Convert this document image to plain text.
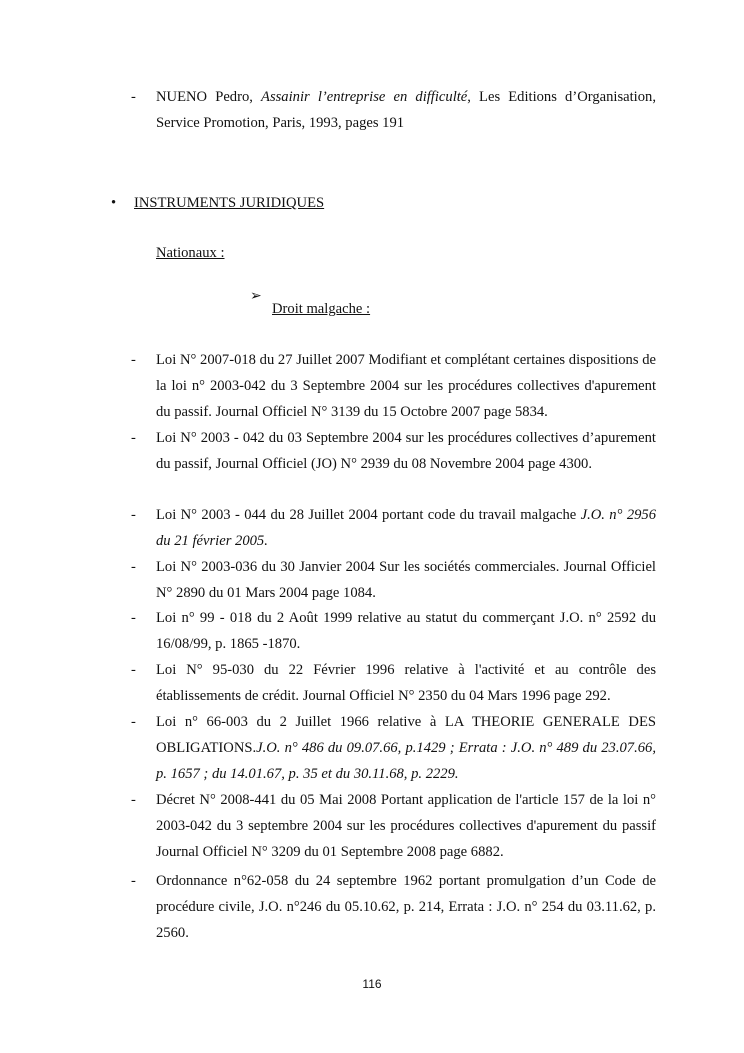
- NUENO Pedro, Assainir l’entreprise en difficulté, Les Editions d’Organisation, Service Promotion, Paris, 1993, pages 191
• INSTRUMENTS JURIDIQUES
Nationaux :
➢
Droit malgache :
- Loi N° 2007-018 du 27 Juillet 2007 Modifiant et complétant certaines dispositions de la loi n° 2003-042 du 3 Septembre 2004 sur les procédures collectives d'apurement du passif. Journal Officiel N° 3139 du 15 Octobre 2007 page 5834.
- Loi N° 2003 - 042 du 03 Septembre 2004 sur les procédures collectives d’apurement du passif, Journal Officiel (JO) N° 2939 du 08 Novembre 2004 page 4300.
- Loi N° 2003 - 044 du 28 Juillet 2004 portant code du travail malgache J.O. n° 2956 du 21 février 2005.
- Loi N° 2003-036 du 30 Janvier 2004 Sur les sociétés commerciales. Journal Officiel N° 2890 du 01 Mars 2004 page 1084.
- Loi n° 99 - 018 du 2 Août 1999 relative au statut du commerçant J.O. n° 2592 du 16/08/99, p. 1865 -1870.
- Loi N° 95-030 du 22 Février 1996 relative à l'activité et au contrôle des établissements de crédit. Journal Officiel N° 2350 du 04 Mars 1996 page 292.
- Loi n° 66-003 du 2 Juillet 1966 relative à LA THEORIE GENERALE DES OBLIGATIONS.J.O. n° 486 du 09.07.66, p.1429 ; Errata : J.O. n° 489 du 23.07.66, p. 1657 ; du 14.01.67, p. 35 et du 30.11.68, p. 2229.
- Décret N° 2008-441 du 05 Mai 2008 Portant application de l'article 157 de la loi n° 2003-042 du 3 septembre 2004 sur les procédures collectives d'apurement du passif Journal Officiel N° 3209 du 01 Septembre 2008 page 6882.
- Ordonnance n°62-058 du 24 septembre 1962 portant promulgation d’un Code de procédure civile, J.O. n°246 du 05.10.62, p. 214, Errata : J.O. n° 254 du 03.11.62, p. 2560.
116
